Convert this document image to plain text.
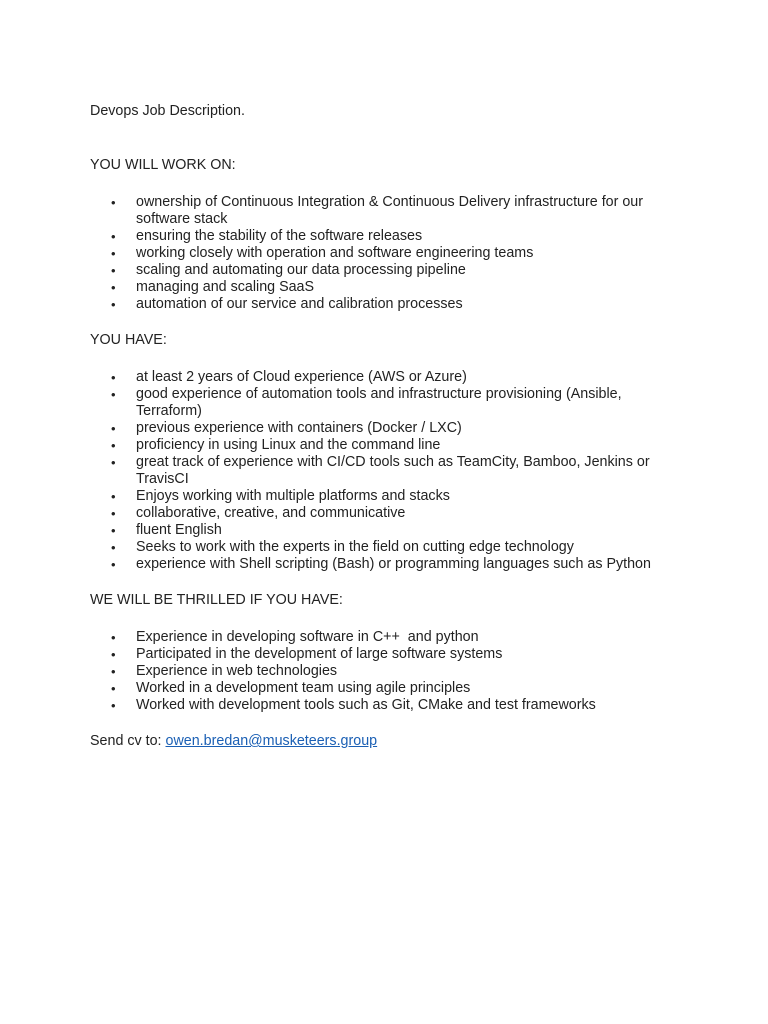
Devops Job Description.

YOU WILL WORK ON:

• ownership of Continuous Integration & Continuous Delivery infrastructure for our software stack
• ensuring the stability of the software releases
• working closely with operation and software engineering teams
• scaling and automating our data processing pipeline
• managing and scaling SaaS
• automation of our service and calibration processes

YOU HAVE:

• at least 2 years of Cloud experience (AWS or Azure)
• good experience of automation tools and infrastructure provisioning (Ansible, Terraform)
• previous experience with containers (Docker / LXC)
• proficiency in using Linux and the command line
• great track of experience with CI/CD tools such as TeamCity, Bamboo, Jenkins or TravisCI
• Enjoys working with multiple platforms and stacks
• collaborative, creative, and communicative
• fluent English
• Seeks to work with the experts in the field on cutting edge technology
• experience with Shell scripting (Bash) or programming languages such as Python

WE WILL BE THRILLED IF YOU HAVE:

• Experience in developing software in C++  and python
• Participated in the development of large software systems
• Experience in web technologies
• Worked in a development team using agile principles
• Worked with development tools such as Git, CMake and test frameworks

Send cv to: owen.bredan@musketeers.group
